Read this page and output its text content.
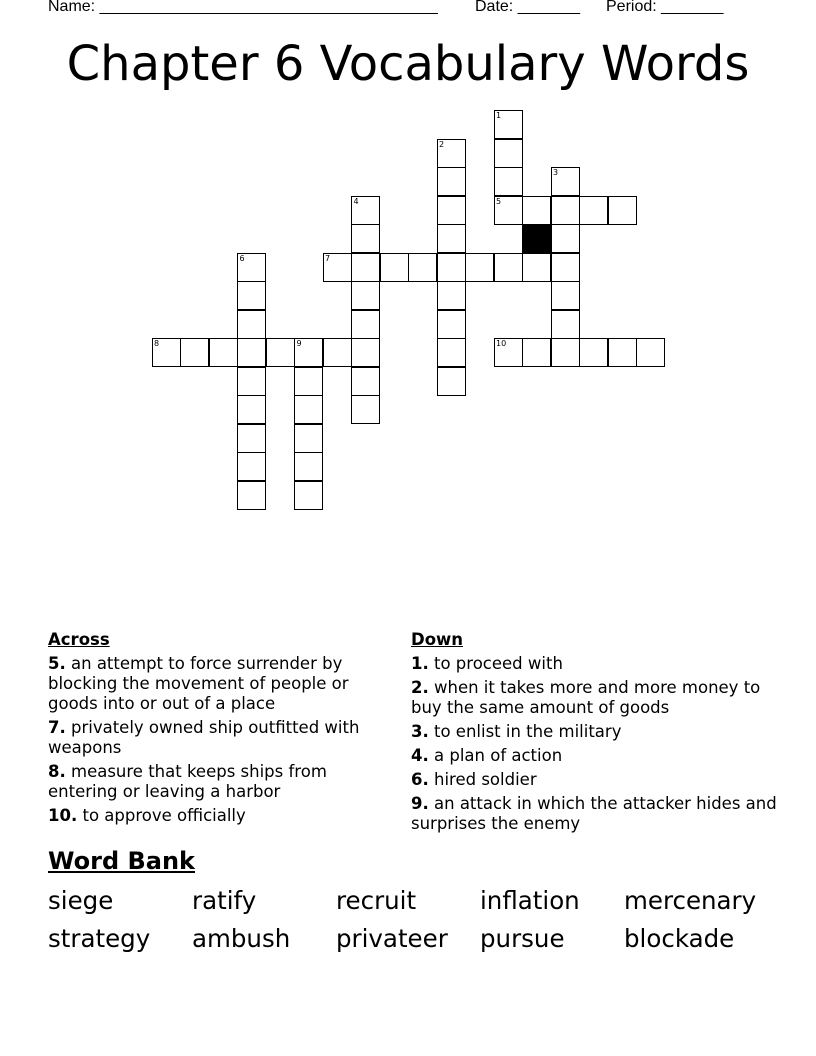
Name: ______________________________________ Date: _______ Period: _______
Chapter 6 Vocabulary Words
1
5
2
3
4
6	7
8	9	10
Across
5. an attempt to force surrender by blocking the movement of people or goods into or out of a place
7. privately owned ship outfitted with weapons
8. measure that keeps ships from entering or leaving a harbor
10. to approve officially
Down
1. to proceed with
2. when it takes more and more money to buy the same amount of goods
3. to enlist in the military
4. a plan of action
6. hired soldier
9. an attack in which the attacker hides and surprises the enemy
Word Bank
siege	ratify	recruit	inflation mercenary
strategy ambush privateer pursue blockade
